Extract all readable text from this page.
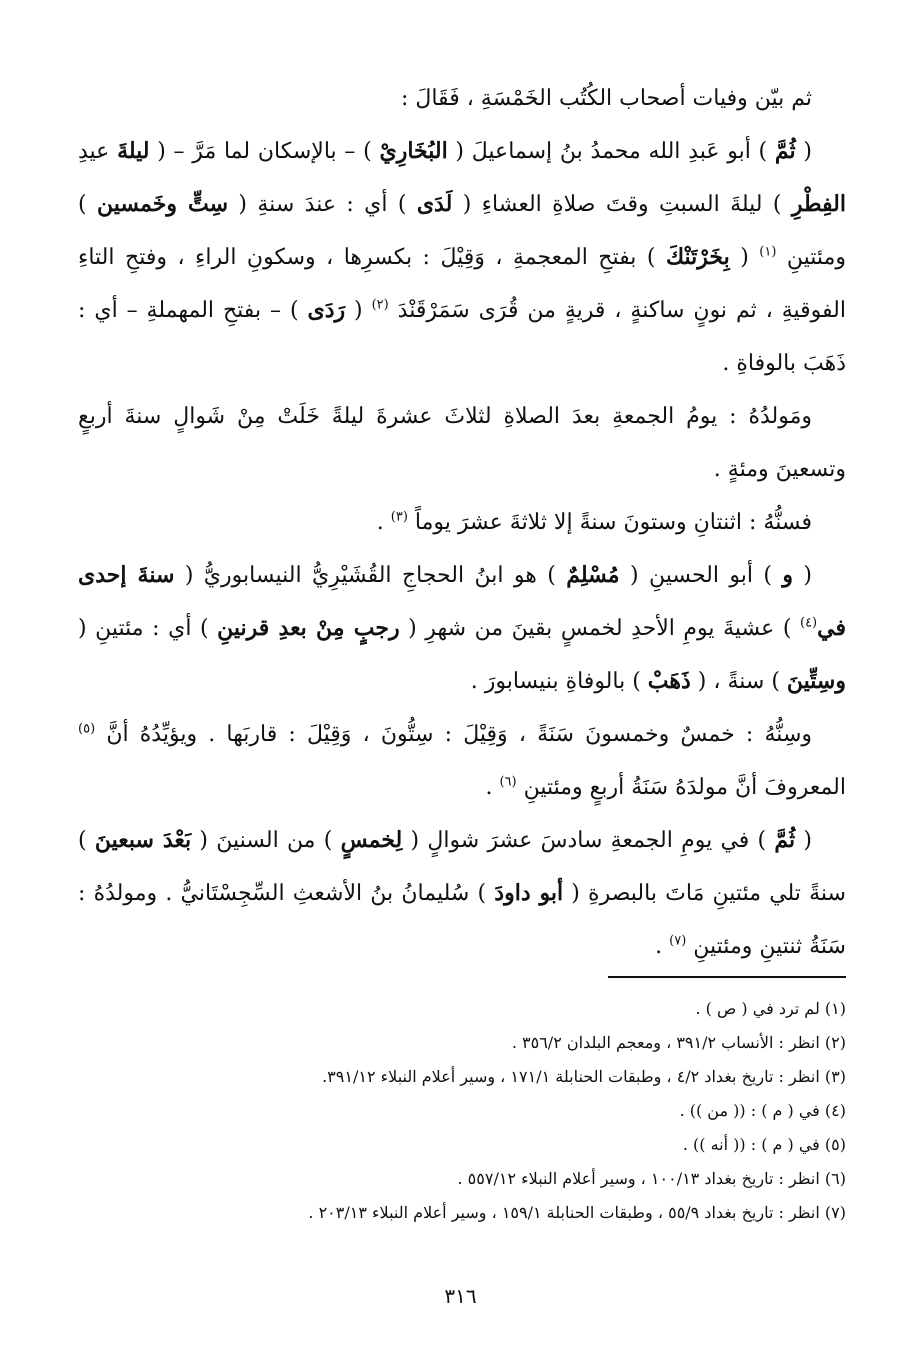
ثم بيّن وفيات أصحاب الكُتُب الخَمْسَةِ ، فَقَالَ :

( ثُمَّ ) أبو عَبدِ الله محمدُ بنُ إسماعيلَ ( البُخَارِيْ ) – بالإسكان لما مَرَّ – ( ليلةَ عيدِ الفِطْرِ ) ليلةَ السبتِ وقتَ صلاةِ العشاءِ ( لَدَى ) أي : عندَ سنةِ ( سِتٍّ وخَمسين ) ومئتينِ $^{(١)}$ ( بِخَرْتَنْكَ ) بفتحِ المعجمةِ ، وَقِيْلَ : بكسرِها ، وسكونِ الراءِ ، وفتحِ التاءِ الفوقيةِ ، ثم نونٍ ساكنةٍ ، قريةٍ من قُرَى سَمَرْقَنْدَ $^{(٢)}$ ( رَدَى ) – بفتحِ المهملةِ – أي : ذَهَبَ بالوفاةِ .

ومَولدُهُ : يومُ الجمعةِ بعدَ الصلاةِ لثلاثَ عشرةَ ليلةً خَلَتْ مِنْ شَوالٍ سنةَ أربعٍ وتسعينَ ومئةٍ .

فسنُّهُ : اثنتانِ وستونَ سنةً إلا ثلاثةَ عشرَ يوماً $^{(٣)}$ .

( و ) أبو الحسينِ ( مُسْلِمٌ ) هو ابنُ الحجاجِ القُشَيْرِيُّ النيسابوريُّ ( سنةَ إحدى في$^{(٤)}$ ) عشيةَ يومِ الأحدِ لخمسٍ بقينَ من شهرِ ( رجبٍ مِنْ بعدِ قرنينِ ) أي : مئتينِ ( وسِتِّينَ ) سنةً ، ( ذَهَبْ ) بالوفاةِ بنيسابورَ .

وسِنُّهُ : خمسٌ وخمسونَ سَنَةً ، وَقِيْلَ : سِتُّونَ ، وَقِيْلَ : قاربَها . ويؤيِّدُهُ أنَّ $^{(٥)}$ المعروفَ أنَّ مولدَهُ سَنَةُ أربعٍ ومئتينِ $^{(٦)}$ .

( ثُمَّ ) في يومِ الجمعةِ سادسَ عشرَ شوالٍ ( لِخمسٍ ) من السنينَ ( بَعْدَ سبعينَ ) سنةً تلي مئتينِ مَاتَ بالبصرةِ ( أبو داودَ ) سُليمانُ بنُ الأشعثِ السِّجِسْتَانيُّ . ومولدُهُ : سَنَةُ ثنتينِ ومئتينِ $^{(٧)}$ .

(١) لم ترد في ( ص ) .
(٢) انظر : الأنساب ٣٩١/٢ ، ومعجم البلدان ٣٥٦/٢ .
(٣) انظر : تاريخ بغداد ٤/٢ ، وطبقات الحنابلة ١٧١/١ ، وسير أعلام النبلاء ٣٩١/١٢.
(٤) في ( م ) : (( من )) .
(٥) في ( م ) : (( أنه )) .
(٦) انظر : تاريخ بغداد ١٠٠/١٣ ، وسير أعلام النبلاء ٥٥٧/١٢ .
(٧) انظر : تاريخ بغداد ٥٥/٩ ، وطبقات الحنابلة ١٥٩/١ ، وسير أعلام النبلاء ٢٠٣/١٣ .
٣١٦
